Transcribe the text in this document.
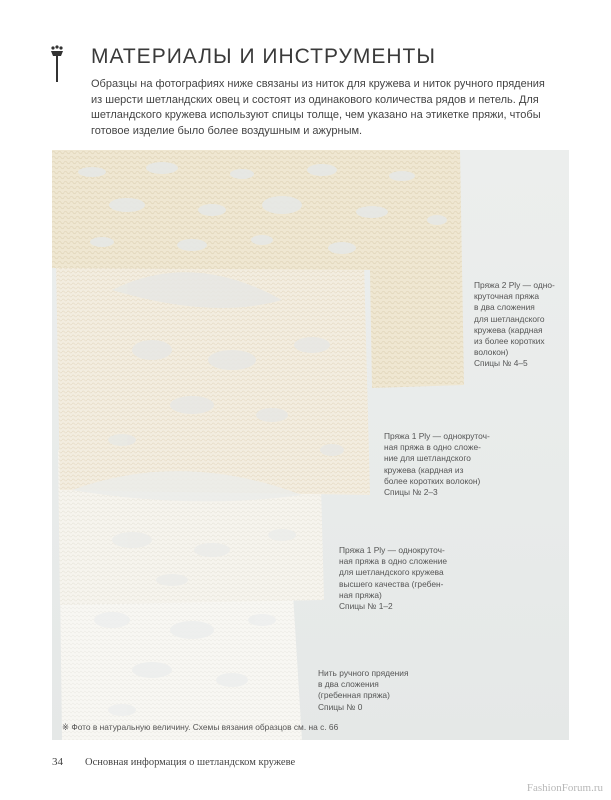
МАТЕРИАЛЫ И ИНСТРУМЕНТЫ

Образцы на фотографиях ниже связаны из ниток для кружева и ниток ручного прядения
из шерсти шетландских овец и состоят из одинакового количества рядов и петель. Для
шетландского кружева используют спицы толще, чем указано на этикетке пряжи, чтобы
готовое изделие было более воздушным и ажурным.

Пряжа 2 Ply — одно-
круточная пряжа
в два сложения
для шетландского
кружева (кардная
из более коротких
волокон)
Спицы № 4–5
Пряжа 1 Ply — однокруточ-
ная пряжа в одно сложе-
ние для шетландского
кружева (кардная из
более коротких волокон)
Спицы № 2–3
Пряжа 1 Ply — однокруточ-
ная пряжа в одно сложение
для шетландского кружева
высшего качества (гребен-
ная пряжа)
Спицы № 1–2
Нить ручного прядения
в два сложения
(гребенная пряжа)
Спицы № 0
※ Фото в натуральную величину. Схемы вязания образцов см. на с. 66
34 Основная информация о шетландском кружеве
FashionForum.ru
